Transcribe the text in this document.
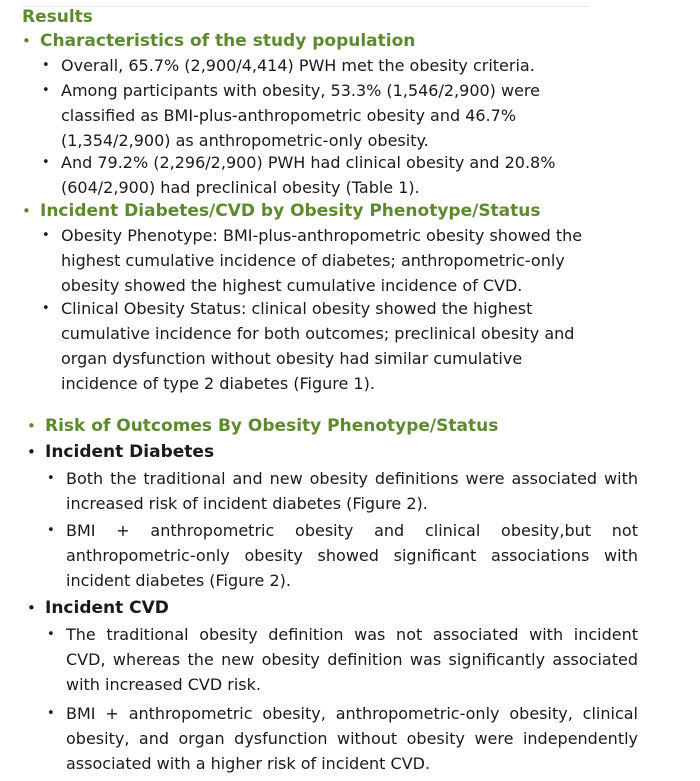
Results
• Characteristics of the study population
• Overall, 65.7% (2,900/4,414) PWH met the obesity criteria.
• Among participants with obesity, 53.3% (1,546/2,900) were classified as BMI-plus-anthropometric obesity and 46.7% (1,354/2,900) as anthropometric-only obesity.
• And 79.2% (2,296/2,900) PWH had clinical obesity and 20.8% (604/2,900) had preclinical obesity (Table 1).
• Incident Diabetes/CVD by Obesity Phenotype/Status
• Obesity Phenotype: BMI-plus-anthropometric obesity showed the highest cumulative incidence of diabetes; anthropometric-only obesity showed the highest cumulative incidence of CVD.
• Clinical Obesity Status: clinical obesity showed the highest cumulative incidence for both outcomes; preclinical obesity and organ dysfunction without obesity had similar cumulative incidence of type 2 diabetes (Figure 1).
• Risk of Outcomes By Obesity Phenotype/Status
• Incident Diabetes
• Both the traditional and new obesity definitions were associated with increased risk of incident diabetes (Figure 2).
• BMI + anthropometric obesity and clinical obesity,but not anthropometric-only obesity showed significant associations with incident diabetes (Figure 2).
• Incident CVD
• The traditional obesity definition was not associated with incident CVD, whereas the new obesity definition was significantly associated with increased CVD risk.
• BMI + anthropometric obesity, anthropometric-only obesity, clinical obesity, and organ dysfunction without obesity were independently associated with a higher risk of incident CVD.
